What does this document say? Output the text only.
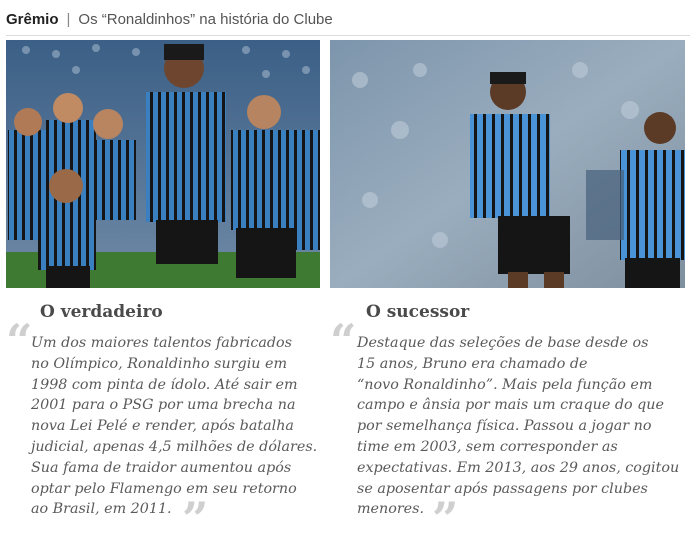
Grêmio | Os “Ronaldinhos” na história do Clube
O verdadeiro
“

Um dos maiores talentos fabricados
no Olímpico, Ronaldinho surgiu em
1998 com pinta de ídolo. Até sair em
2001 para o PSG por uma brecha na
nova Lei Pelé e render, após batalha
judicial, apenas 4,5 milhões de dólares.
Sua fama de traidor aumentou após
optar pelo Flamengo em seu retorno
ao Brasil, em 2011. ”
O sucessor
“ Destaque das seleções de base desde os
15 anos, Bruno era chamado de
“novo Ronaldinho”. Mais pela função em
campo e ânsia por mais um craque do que
por semelhança física. Passou a jogar no
time em 2003, sem corresponder as
expectativas. Em 2013, aos 29 anos, cogitou
se aposentar após passagens por clubes
menores. ”
